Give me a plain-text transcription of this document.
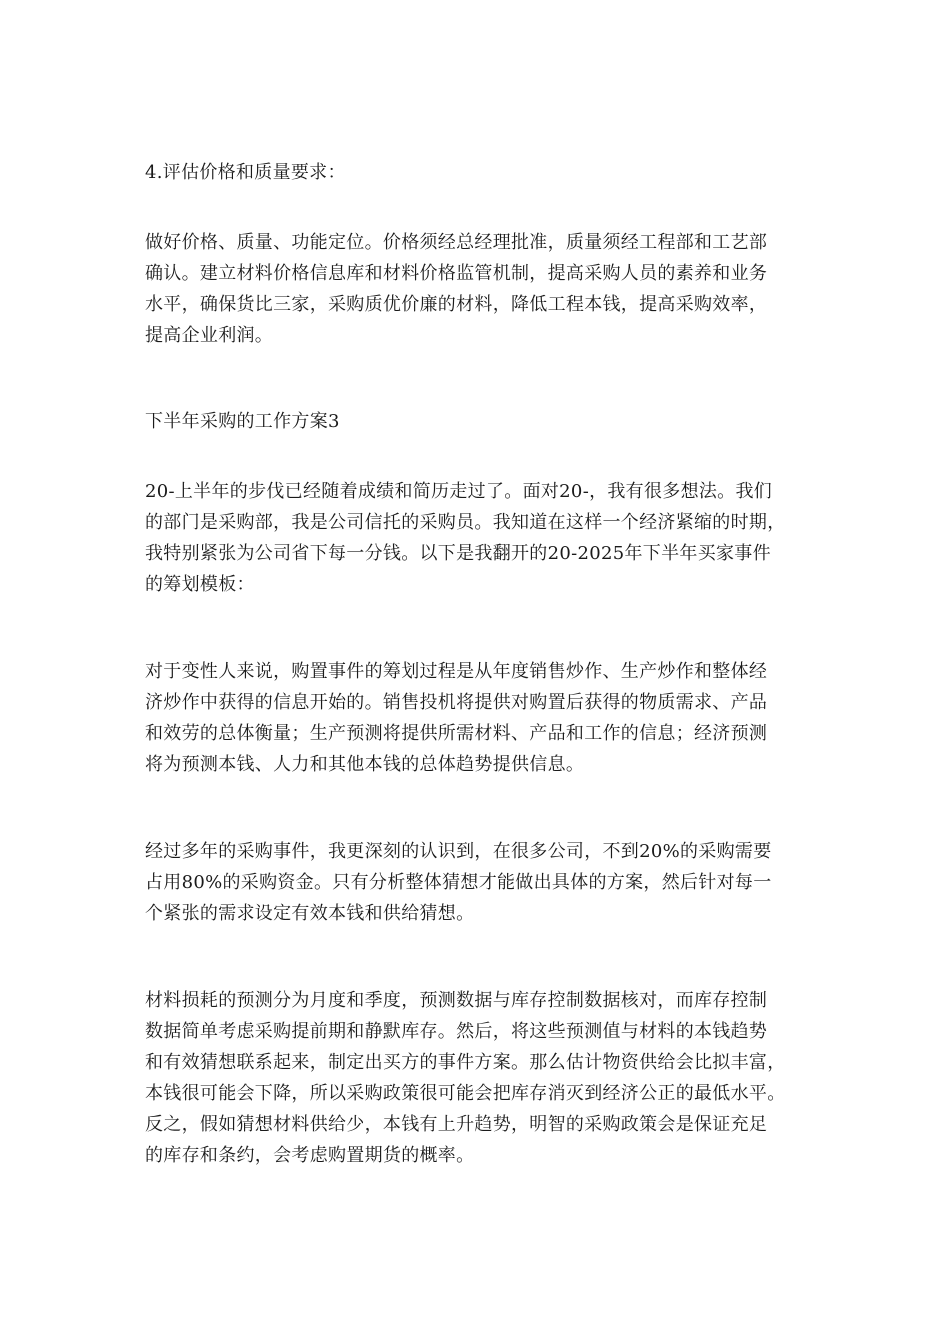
4.评估价格和质量要求：
做好价格、质量、功能定位。价格须经总经理批准，质量须经工程部和工艺部
确认。建立材料价格信息库和材料价格监管机制，提高采购人员的素养和业务
水平，确保货比三家，采购质优价廉的材料，降低工程本钱，提高采购效率，
提高企业利润。
下半年采购的工作方案3
20-上半年的步伐已经随着成绩和简历走过了。面对20-，我有很多想法。我们
的部门是采购部，我是公司信托的采购员。我知道在这样一个经济紧缩的时期，
我特别紧张为公司省下每一分钱。以下是我翻开的20-2025年下半年买家事件
的筹划模板：
对于变性人来说，购置事件的筹划过程是从年度销售炒作、生产炒作和整体经
济炒作中获得的信息开始的。销售投机将提供对购置后获得的物质需求、产品
和效劳的总体衡量；生产预测将提供所需材料、产品和工作的信息；经济预测
将为预测本钱、人力和其他本钱的总体趋势提供信息。
经过多年的采购事件，我更深刻的认识到，在很多公司，不到20%的采购需要
占用80%的采购资金。只有分析整体猜想才能做出具体的方案，然后针对每一
个紧张的需求设定有效本钱和供给猜想。
材料损耗的预测分为月度和季度，预测数据与库存控制数据核对，而库存控制
数据简单考虑采购提前期和静默库存。然后，将这些预测值与材料的本钱趋势
和有效猜想联系起来，制定出买方的事件方案。那么估计物资供给会比拟丰富，
本钱很可能会下降，所以采购政策很可能会把库存消灭到经济公正的最低水平。
反之，假如猜想材料供给少，本钱有上升趋势，明智的采购政策会是保证充足
的库存和条约，会考虑购置期货的概率。
